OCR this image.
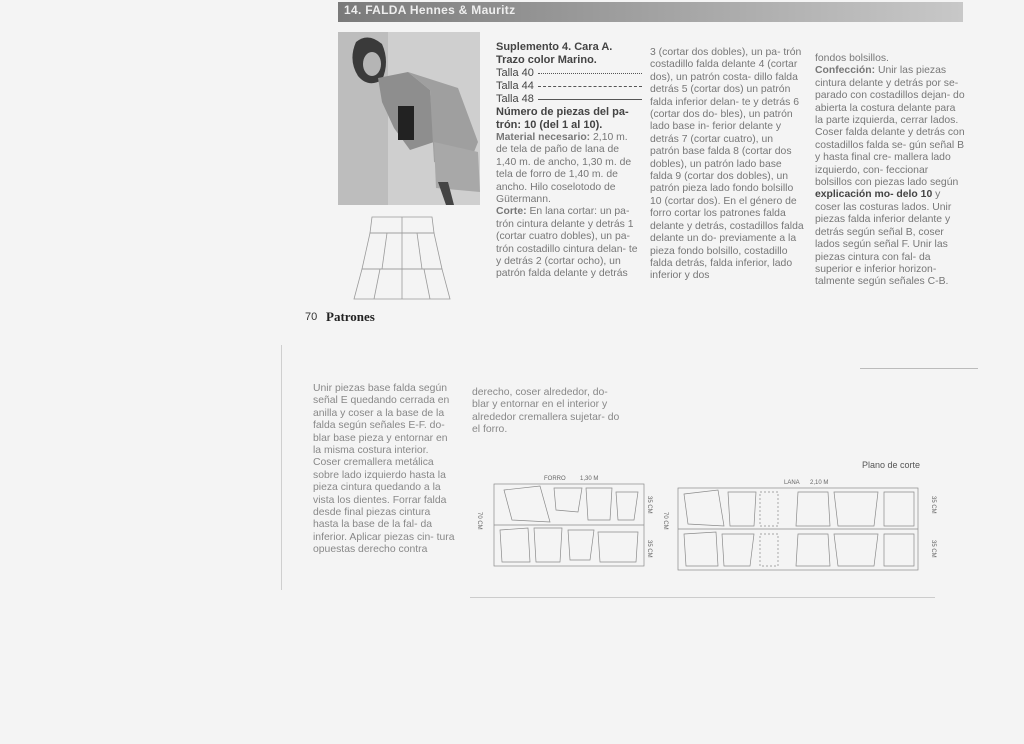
14. FALDA Hennes & Mauritz

Suplemento 4. Cara A.

Trazo color Marino.

Talla 40
Talla 44
Talla 48

Número de piezas del pa- trón: 10 (del 1 al 10).

Material necesario: 2,10 m. de tela de paño de lana de 1,40 m. de ancho, 1,30 m. de tela de forro de 1,40 m. de ancho. Hilo coselotodo de Gütermann.

Corte: En lana cortar: un pa- trón cintura delante y detrás 1 (cortar cuatro dobles), un pa- trón costadillo cintura delan- te y detrás 2 (cortar ocho), un patrón falda delante y detrás

3 (cortar dos dobles), un pa- trón costadillo falda delante 4 (cortar dos), un patrón costa- dillo falda detrás 5 (cortar dos) un patrón falda inferior delan- te y detrás 6 (cortar dos do- bles), un patrón lado base in- ferior delante y detrás 7 (cortar cuatro), un patrón base falda 8 (cortar dos dobles), un patrón lado base falda 9 (cortar dos dobles), un patrón pieza lado fondo bolsillo 10 (cortar dos). En el género de forro cortar los patrones falda delante y detrás, costadillos falda delante un do- previamente a la pieza fondo bolsillo, costadillo falda detrás, falda inferior, lado inferior y dos

fondos bolsillos.

Confección: Unir las piezas cintura delante y detrás por se- parado con costadillos dejan- do abierta la costura delante para la parte izquierda, cerrar lados. Coser falda delante y detrás con costadillos falda se- gún señal B y hasta final cre- mallera lado izquierdo, con- feccionar bolsillos con piezas lado según explicación mo- delo 10 y coser las costuras lados. Unir piezas falda inferior delante y detrás según señal B, coser lados según señal F. Unir las piezas cintura con fal- da superior e inferior horizon- talmente según señales C-B.

70 Patrones
Unir piezas base falda según señal E quedando cerrada en anilla y coser a la base de la falda según señales E-F. do- blar base pieza y entornar en la misma costura interior. Coser cremallera metálica sobre lado izquierdo hasta la pieza cintura quedando a la vista los dientes. Forrar falda desde final piezas cintura hasta la base de la fal- da inferior. Aplicar piezas cin- tura opuestas derecho contra
derecho, coser alrededor, do- blar y entornar en el interior y alrededor cremallera sujetar- do el forro.
Plano de corte
FORRO 1,30 M
70 CM
35 CM
35 CM
LANA 2,10 M
70 CM
35 CM
35 CM
